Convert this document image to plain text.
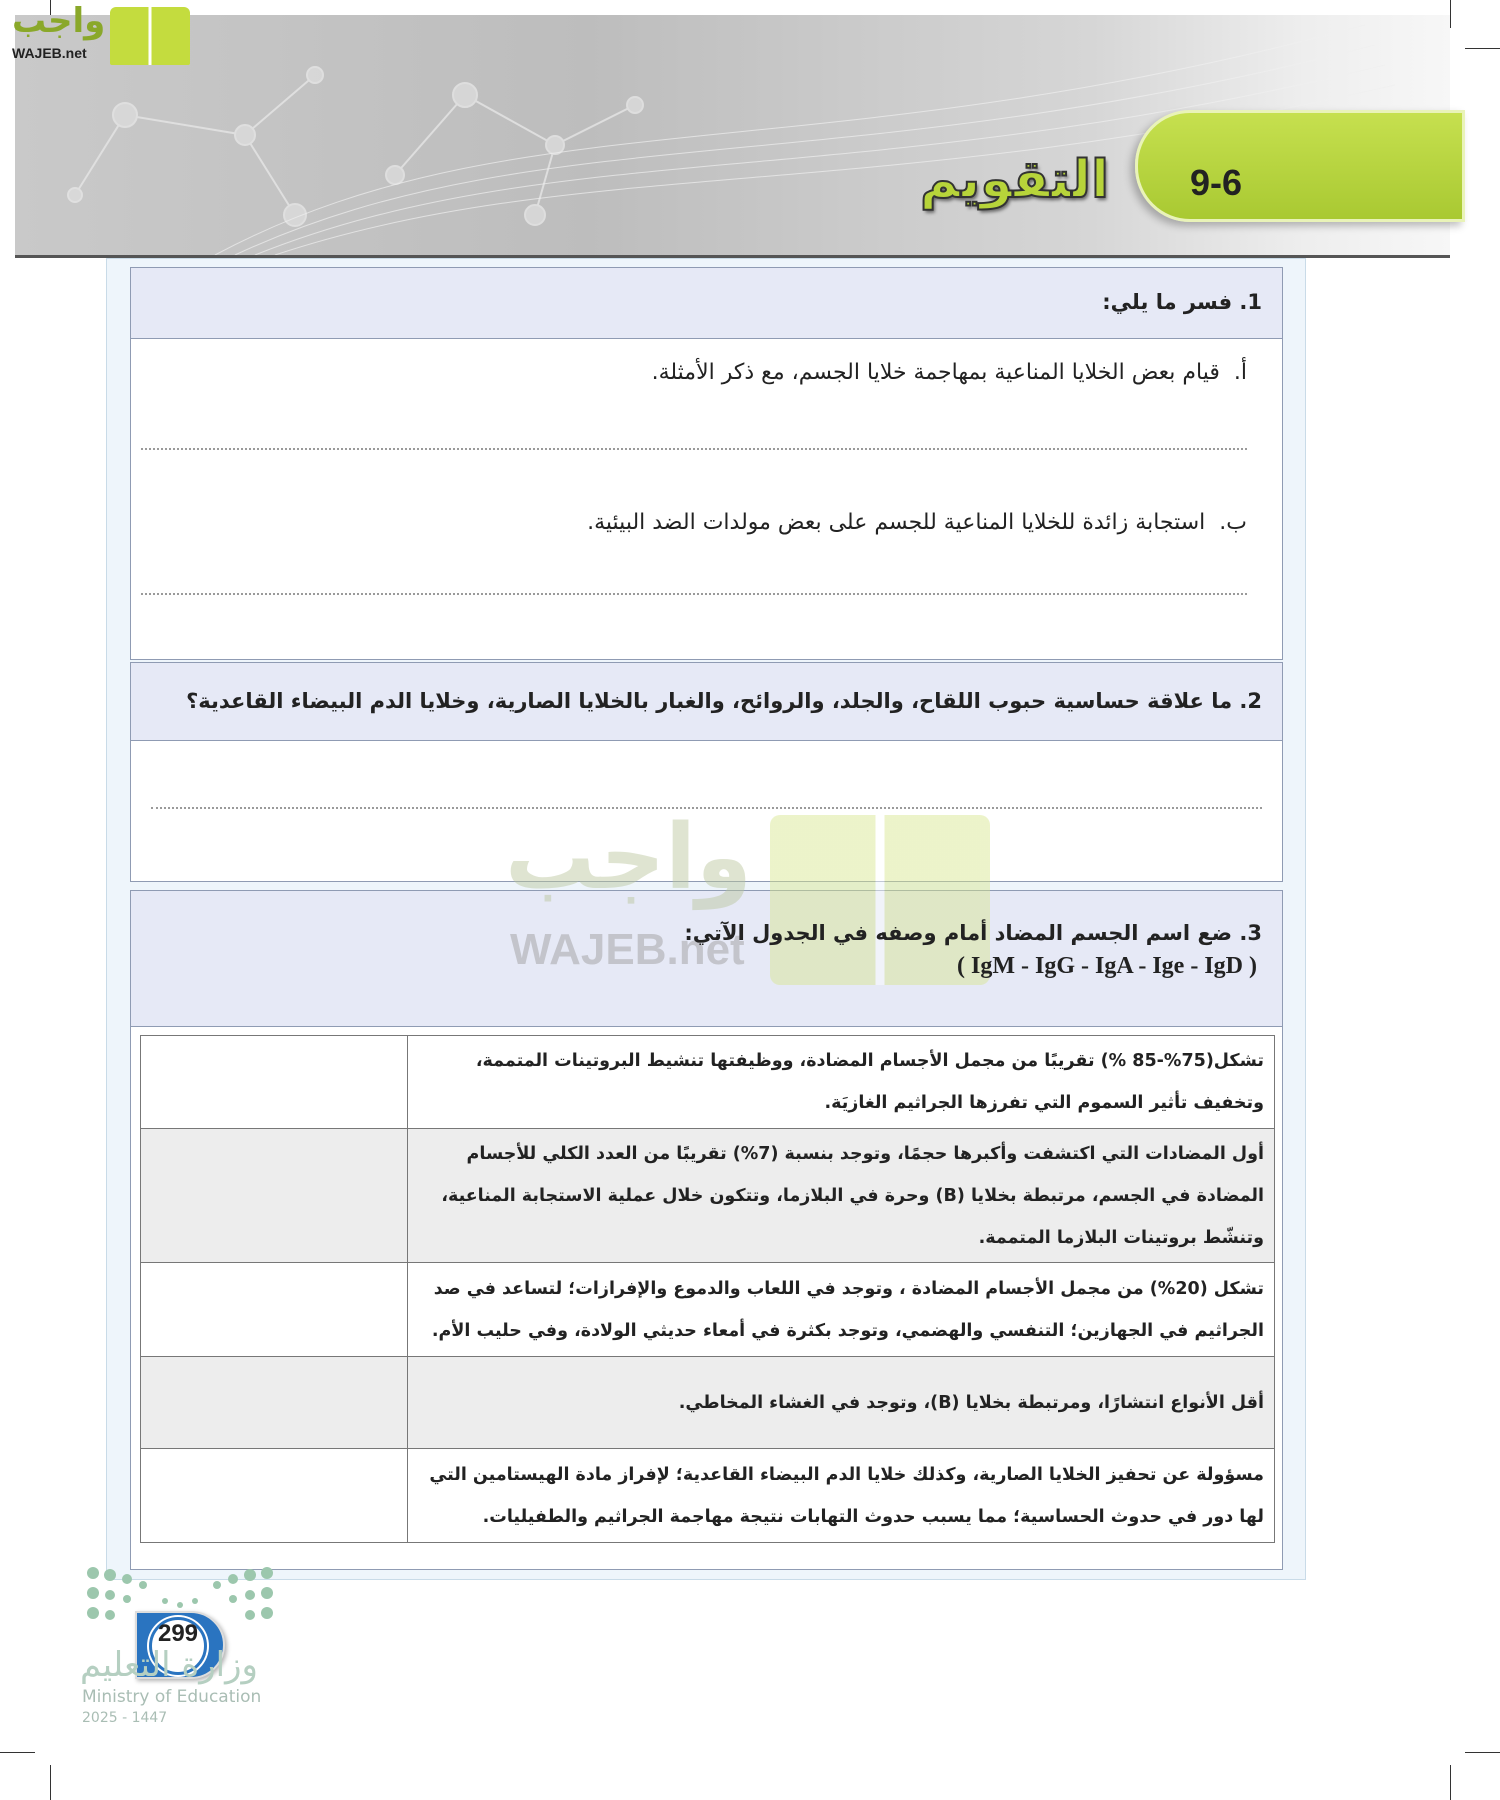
واجب
WAJEB.net
9-6
التقويم
1. فسر ما يلي:
أ.  قيام بعض الخلايا المناعية بمهاجمة خلايا الجسم، مع ذكر الأمثلة.
ب.  استجابة زائدة للخلايا المناعية للجسم على بعض مولدات الضد البيئية.
2. ما علاقة حساسية حبوب اللقاح، والجلد، والروائح، والغبار بالخلايا الصارية، وخلايا الدم البيضاء القاعدية؟
3. ضع اسم الجسم المضاد أمام وصفه في الجدول الآتي:
( IgM - IgG - IgA - Ige - IgD )
تشكل(75%-85 %) تقريبًا من مجمل الأجسام المضادة، ووظيفتها تنشيط البروتينات المتممة، وتخفيف تأثير السموم التي تفرزها الجراثيم الغازيَة.	
أول المضادات التي اكتشفت وأكبرها حجمًا، وتوجد بنسبة (7%) تقريبًا من العدد الكلي للأجسام المضادة في الجسم، مرتبطة بخلايا (B) وحرة في البلازما، وتتكون خلال عملية الاستجابة المناعية، وتنشّط بروتينات البلازما المتممة.	
تشكل (20%) من مجمل الأجسام المضادة ، وتوجد في اللعاب والدموع والإفرازات؛ لتساعد في صد الجراثيم في الجهازين؛ التنفسي والهضمي، وتوجد بكثرة في أمعاء حديثي الولادة، وفي حليب الأم.	
أقل الأنواع انتشارًا، ومرتبطة بخلايا (B)، وتوجد في الغشاء المخاطي.	
مسؤولة عن تحفيز الخلايا الصارية، وكذلك خلايا الدم البيضاء القاعدية؛ لإفراز مادة الهيستامين التي لها دور في حدوث الحساسية؛ مما يسبب حدوث التهابات نتيجة مهاجمة الجراثيم والطفيليات.	
واجب
WAJEB.net
299
وزارة التعليم
Ministry of Education
2025 - 1447
